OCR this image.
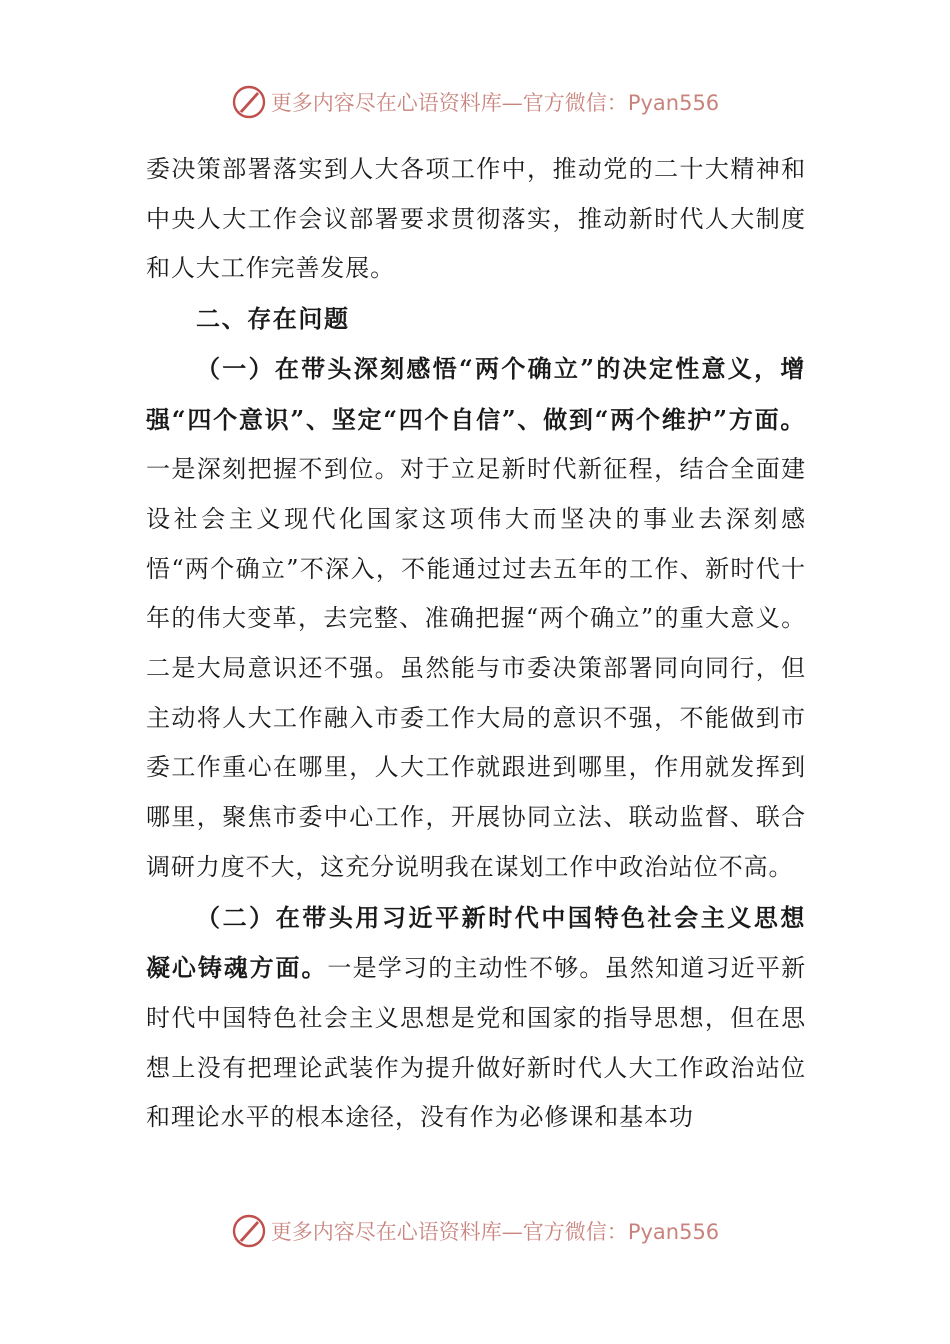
更多内容尽在心语资料库—官方微信：Pyan556

委决策部署落实到人大各项工作中，推动党的二十大精神和中央人大工作会议部署要求贯彻落实，推动新时代人大制度和人大工作完善发展。

二、存在问题

（一）在带头深刻感悟“两个确立”的决定性意义，增强“四个意识”、坚定“四个自信”、做到“两个维护”方面。一是深刻把握不到位。对于立足新时代新征程，结合全面建设社会主义现代化国家这项伟大而坚决的事业去深刻感悟“两个确立”不深入，不能通过过去五年的工作、新时代十年的伟大变革，去完整、准确把握“两个确立”的重大意义。二是大局意识还不强。虽然能与市委决策部署同向同行，但主动将人大工作融入市委工作大局的意识不强，不能做到市委工作重心在哪里，人大工作就跟进到哪里，作用就发挥到哪里，聚焦市委中心工作，开展协同立法、联动监督、联合调研力度不大，这充分说明我在谋划工作中政治站位不高。

（二）在带头用习近平新时代中国特色社会主义思想凝心铸魂方面。一是学习的主动性不够。虽然知道习近平新时代中国特色社会主义思想是党和国家的指导思想，但在思想上没有把理论武装作为提升做好新时代人大工作政治站位和理论水平的根本途径，没有作为必修课和基本功

更多内容尽在心语资料库—官方微信：Pyan556
